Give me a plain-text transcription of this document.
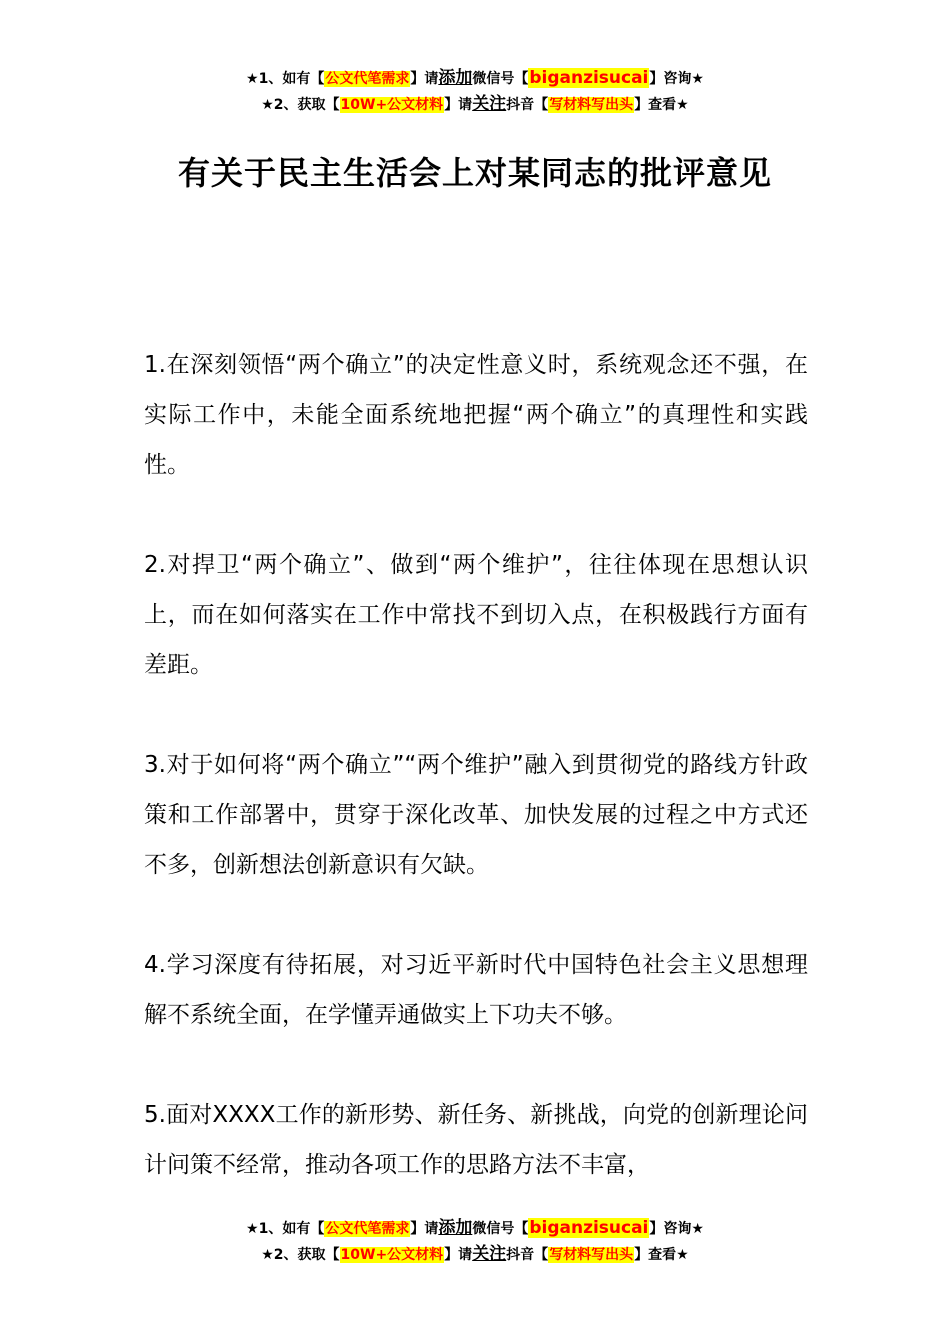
★1、如有【公文代笔需求】请添加微信号【biganzisucai】咨询★
★2、获取【10W+公文材料】请关注抖音【写材料写出头】查看★
有关于民主生活会上对某同志的批评意见

1.在深刻领悟“两个确立”的决定性意义时，系统观念还不强，在实际工作中，未能全面系统地把握“两个确立”的真理性和实践性。

2.对捍卫“两个确立”、做到“两个维护”，往往体现在思想认识上，而在如何落实在工作中常找不到切入点，在积极践行方面有差距。

3.对于如何将“两个确立”“两个维护”融入到贯彻党的路线方针政策和工作部署中，贯穿于深化改革、加快发展的过程之中方式还不多，创新想法创新意识有欠缺。

4.学习深度有待拓展，对习近平新时代中国特色社会主义思想理解不系统全面，在学懂弄通做实上下功夫不够。

5.面对XXXX工作的新形势、新任务、新挑战，向党的创新理论问计问策不经常，推动各项工作的思路方法不丰富，

★1、如有【公文代笔需求】请添加微信号【biganzisucai】咨询★
★2、获取【10W+公文材料】请关注抖音【写材料写出头】查看★
